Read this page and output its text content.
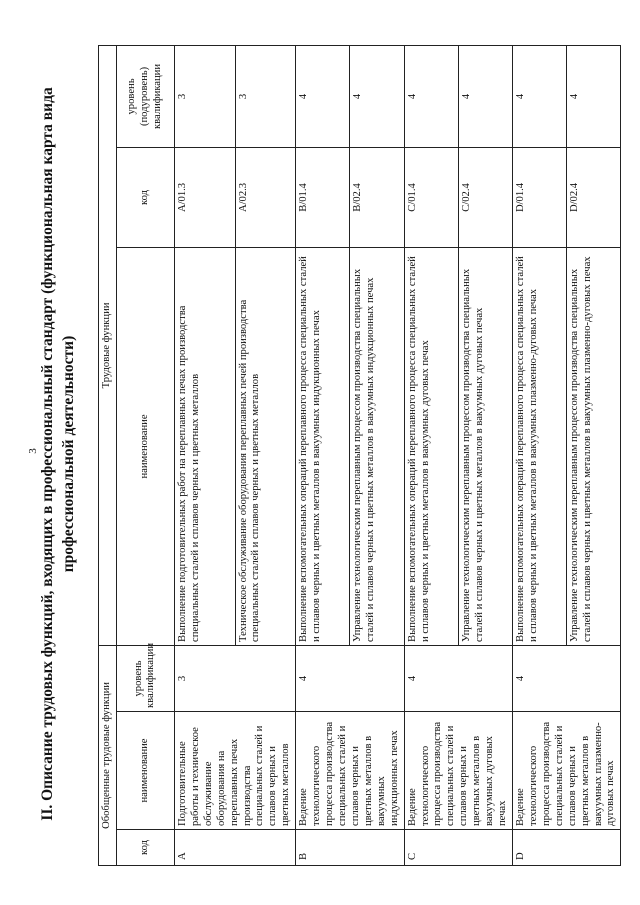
3 II. Описание трудовых функций, входящих в профессиональный стандарт (функциональная карта вида профессиональной деятельности)
Обобщенные трудовые функции			Трудовые функции		
код	наименование	уровень квалификации	наименование	код	уровень (подуровень) квалификации
A	Подготовительные работы и техническое обслуживание оборудования на переплавных печах производства специальных сталей и сплавов черных и цветных металлов	3	Выполнение подготовительных работ на переплавных печах производства специальных сталей и сплавов черных и цветных металлов	A/01.3	3
			Техническое обслуживание оборудования переплавных печей производства специальных сталей и сплавов черных и цветных металлов	A/02.3	3
B	Ведение технологического процесса производства специальных сталей и сплавов черных и цветных металлов в вакуумных индукционных печах	4	Выполнение вспомогательных операций переплавного процесса специальных сталей и сплавов черных и цветных металлов в вакуумных индукционных печах	B/01.4	4
			Управление технологическим переплавным процессом производства специальных сталей и сплавов черных и цветных металлов в вакуумных индукционных печах	B/02.4	4
C	Ведение технологического процесса производства специальных сталей и сплавов черных и цветных металлов в вакуумных дуговых печах	4	Выполнение вспомогательных операций переплавного процесса специальных сталей и сплавов черных и цветных металлов в вакуумных дуговых печах	C/01.4	4
			Управление технологическим переплавным процессом производства специальных сталей и сплавов черных и цветных металлов в вакуумных дуговых печах	C/02.4	4
D	Ведение технологического процесса производства специальных сталей и сплавов черных и цветных металлов в вакуумных плазменно-дуговых печах	4	Выполнение вспомогательных операций переплавного процесса специальных сталей и сплавов черных и цветных металлов в вакуумных плазменно-дуговых печах	D/01.4	4
			Управление технологическим переплавным процессом производства специальных сталей и сплавов черных и цветных металлов в вакуумных плазменно-дуговых печах	D/02.4	4
